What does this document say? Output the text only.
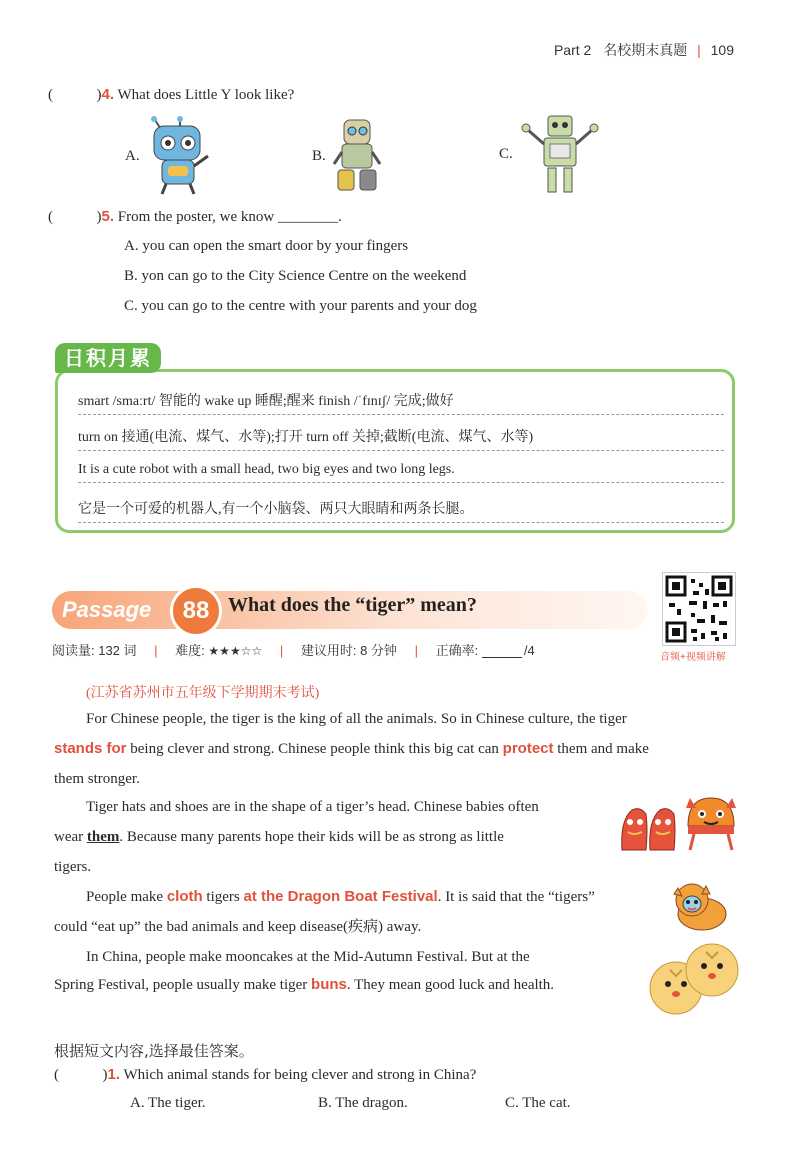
Part 2 名校期末真题 | 109
(	)4. What does Little Y look like?
A.	B.	C.
(	)5. From the poster, we know ________.
A. you can open the smart door by your fingers
B. yon can go to the City Science Centre on the weekend
C. you can go to the centre with your parents and your dog
smart /smaːrt/ 智能的 wake up 睡醒;醒来 finish /ˈfɪnɪʃ/ 完成;做好
turn on 接通(电流、煤气、水等);打开 turn off 关掉;截断(电流、煤气、水等)
It is a cute robot with a small head, two big eyes and two long legs.
它是一个可爱的机器人,有一个小脑袋、两只大眼睛和两条长腿。
日积月累
Passage	88 What does the “tiger” mean?
音频+视频讲解
阅读量: 132 词 | 难度: ★★★☆☆ | 建议用时: 8 分钟 | 正确率:	/4
(江苏省苏州市五年级下学期期末考试)
For Chinese people, the tiger is the king of all the animals. So in Chinese culture, the tiger
stands for being clever and strong. Chinese people think this big cat can protect them and make
them stronger.
Tiger hats and shoes are in the shape of a tiger’s head. Chinese babies often
wear them. Because many parents hope their kids will be as strong as little
tigers.
People make cloth tigers at the Dragon Boat Festival. It is said that the “tigers”
could “eat up” the bad animals and keep disease(疾病) away.
In China, people make mooncakes at the Mid-Autumn Festival. But at the
Spring Festival, people usually make tiger buns. They mean good luck and health.
根据短文内容,选择最佳答案。
(	)1. Which animal stands for being clever and strong in China?
A. The tiger.	B. The dragon.	C. The cat.
